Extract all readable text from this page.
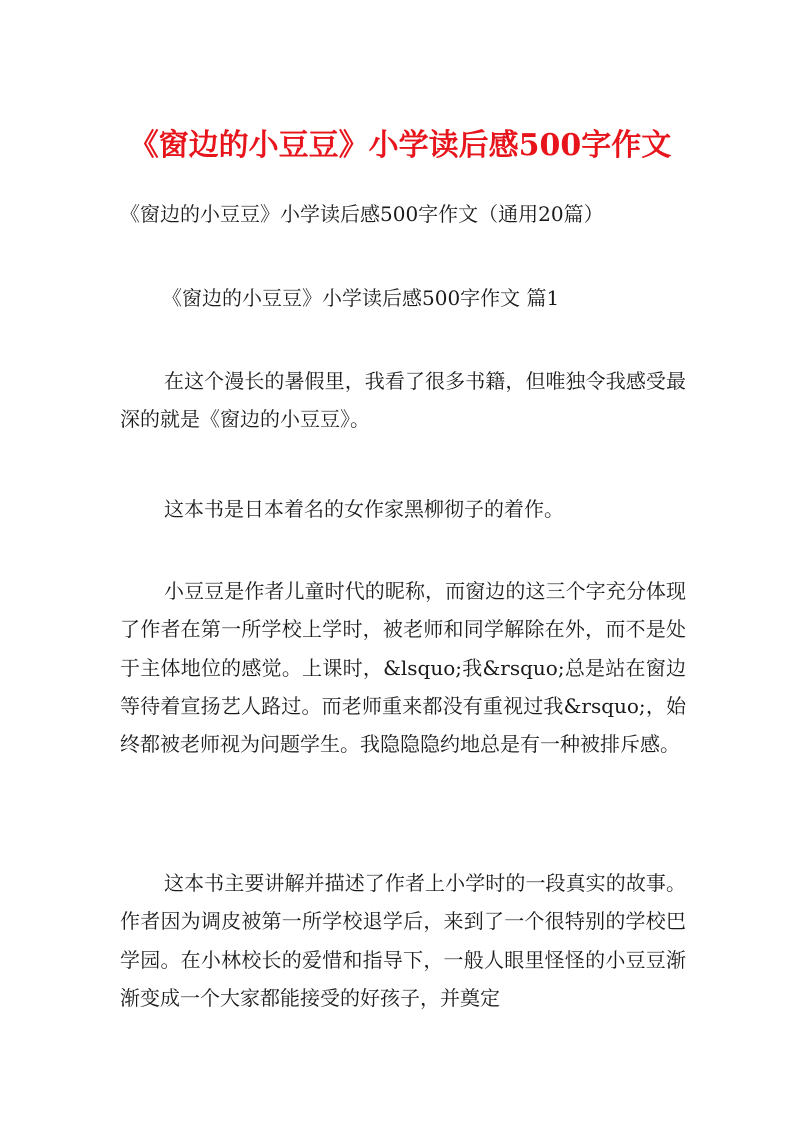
《窗边的小豆豆》小学读后感500字作文
《窗边的小豆豆》小学读后感500字作文（通用20篇）
《窗边的小豆豆》小学读后感500字作文 篇1

在这个漫长的暑假里，我看了很多书籍，但唯独令我感受最深的就是《窗边的小豆豆》。

这本书是日本着名的女作家黑柳彻子的着作。

小豆豆是作者儿童时代的昵称，而窗边的这三个字充分体现了作者在第一所学校上学时，被老师和同学解除在外，而不是处于主体地位的感觉。上课时，&lsquo;我&rsquo;总是站在窗边等待着宣扬艺人路过。而老师重来都没有重视过我&rsquo;，始终都被老师视为问题学生。我隐隐隐约地总是有一种被排斥感。

这本书主要讲解并描述了作者上小学时的一段真实的故事。作者因为调皮被第一所学校退学后，来到了一个很特别的学校巴学园。在小林校长的爱惜和指导下，一般人眼里怪怪的小豆豆渐渐变成一个大家都能接受的好孩子，并奠定
